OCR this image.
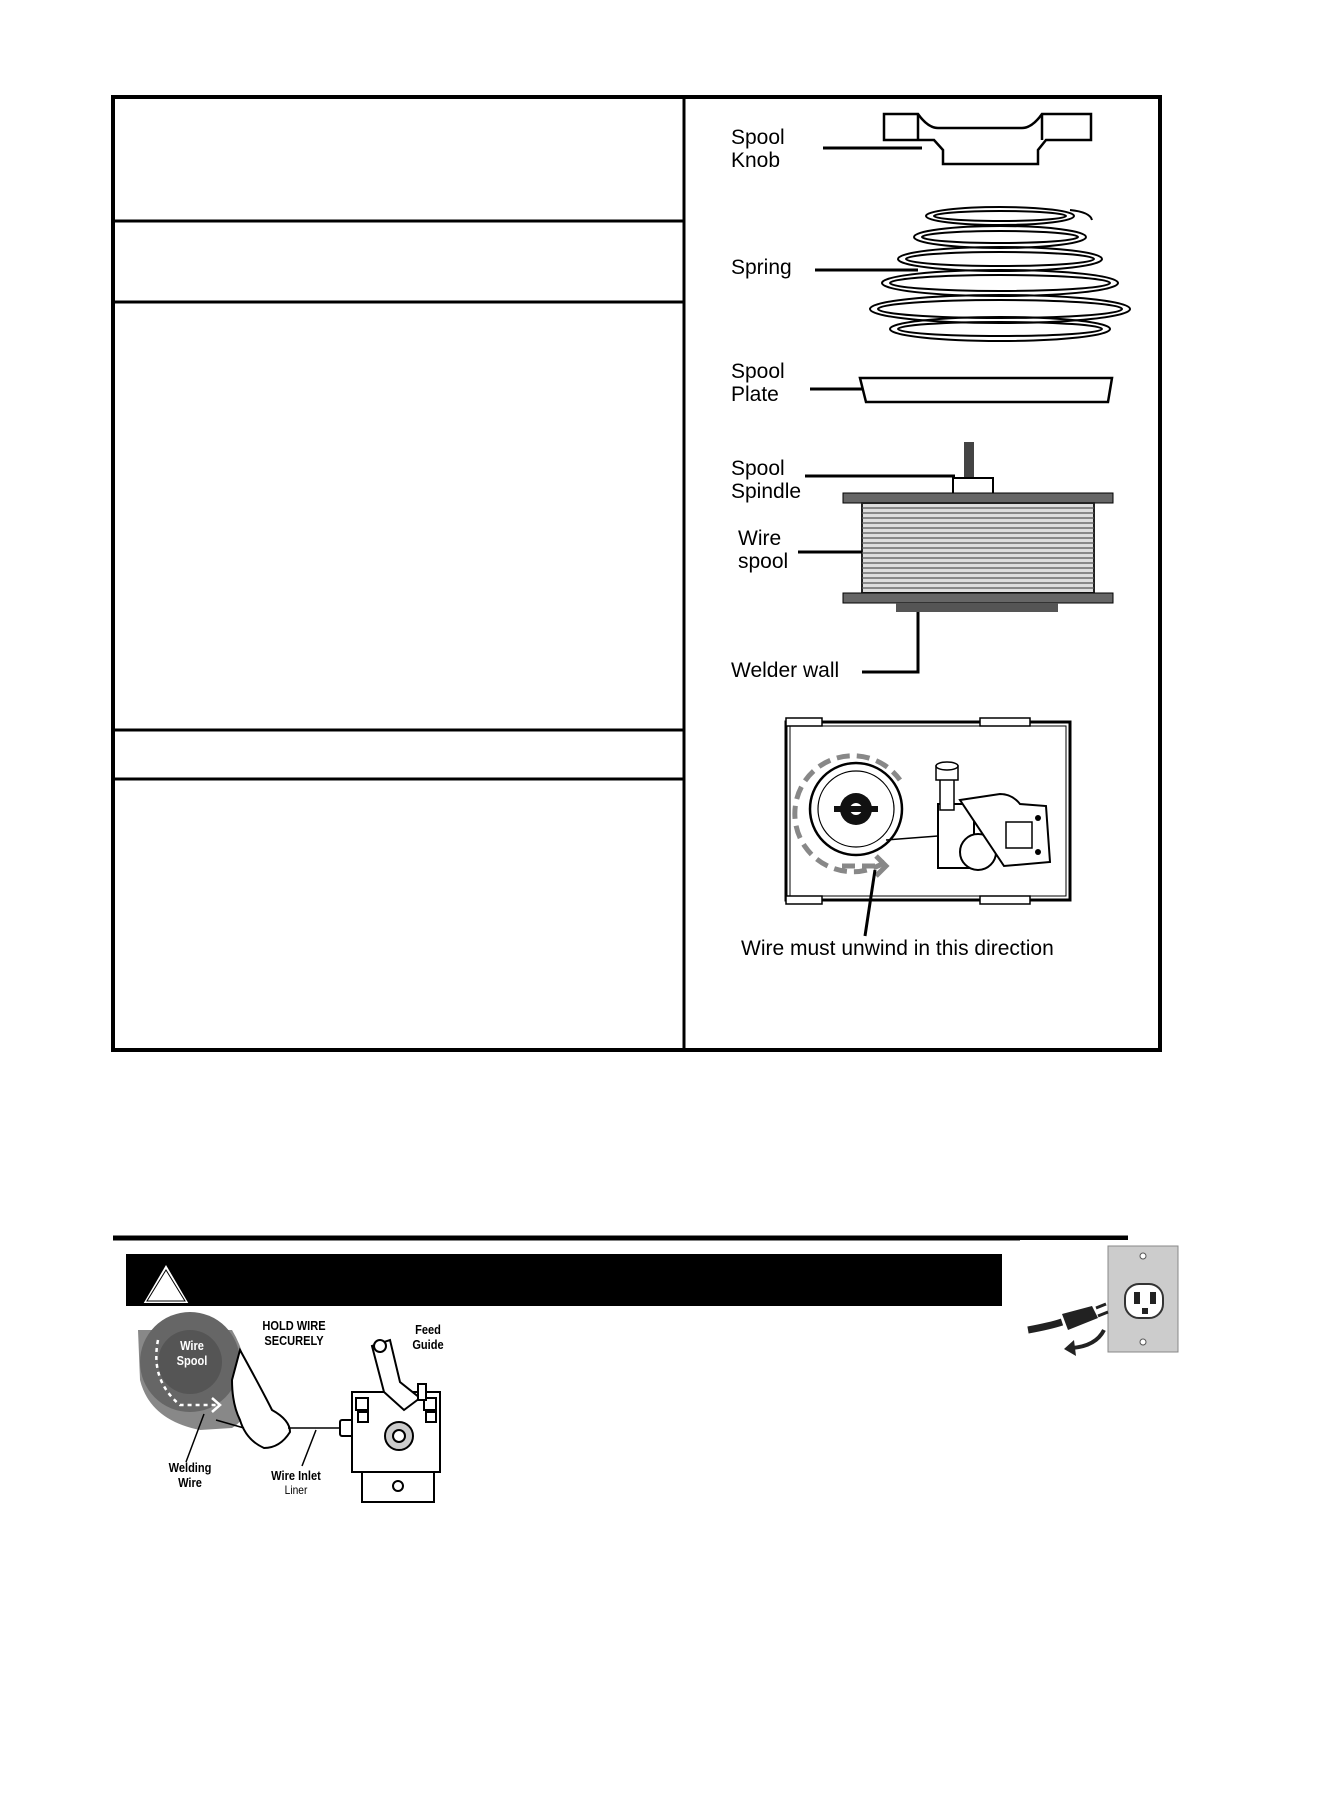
Spool
Knob
Spring
Spool
Plate
Spool
Spindle
Wire
spool
Welder wall
Wire must unwind in this direction
Wire
Spool
HOLD WIRE
SECURELY
Feed
Guide
Welding
Wire	Wire Inlet
Liner
